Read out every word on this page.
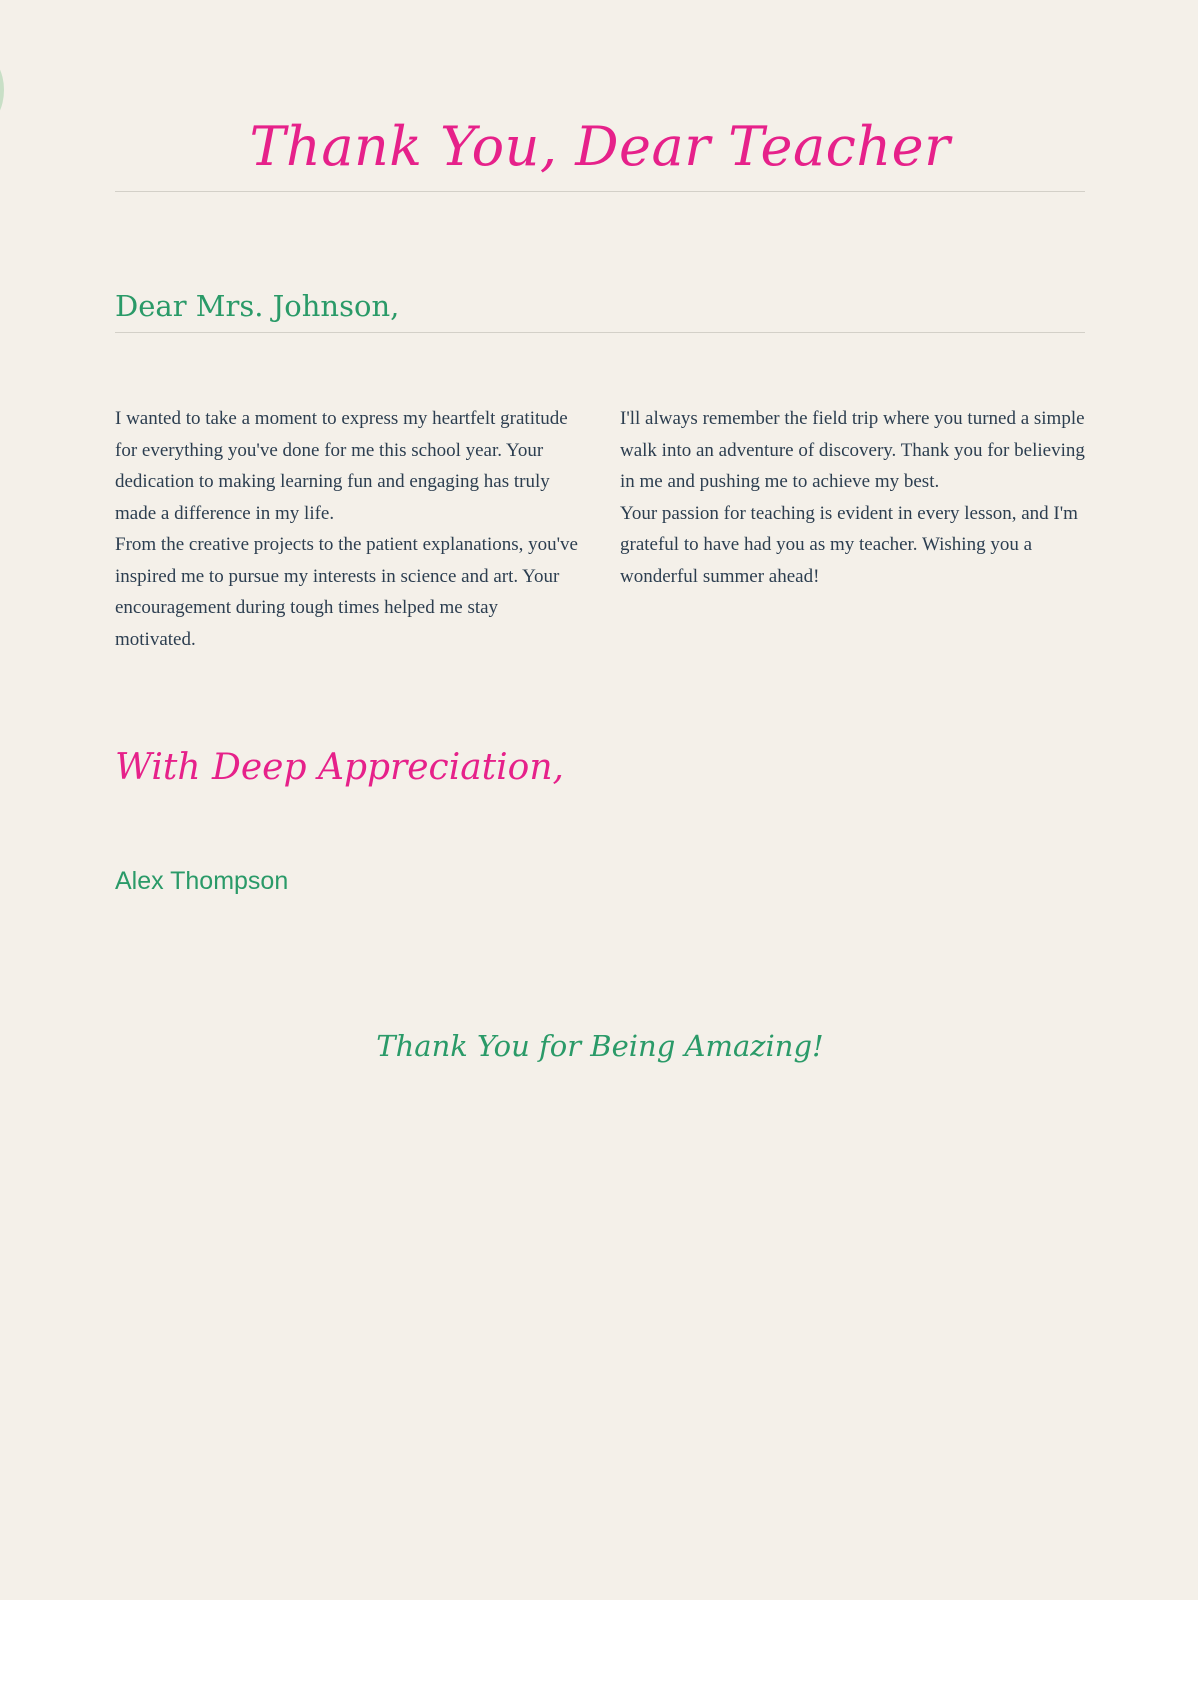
Thank You, Dear Teacher
Dear Mrs. Johnson,

I wanted to take a moment to express my heartfelt gratitude for everything you've done for me this school year. Your dedication to making learning fun and engaging has truly made a difference in my life.

From the creative projects to the patient explanations, you've inspired me to pursue my interests in science and art. Your encouragement during tough times helped me stay motivated.

I'll always remember the field trip where you turned a simple walk into an adventure of discovery. Thank you for believing in me and pushing me to achieve my best.

Your passion for teaching is evident in every lesson, and I'm grateful to have had you as my teacher. Wishing you a wonderful summer ahead!

With Deep Appreciation,
Alex Thompson
Thank You for Being Amazing!
